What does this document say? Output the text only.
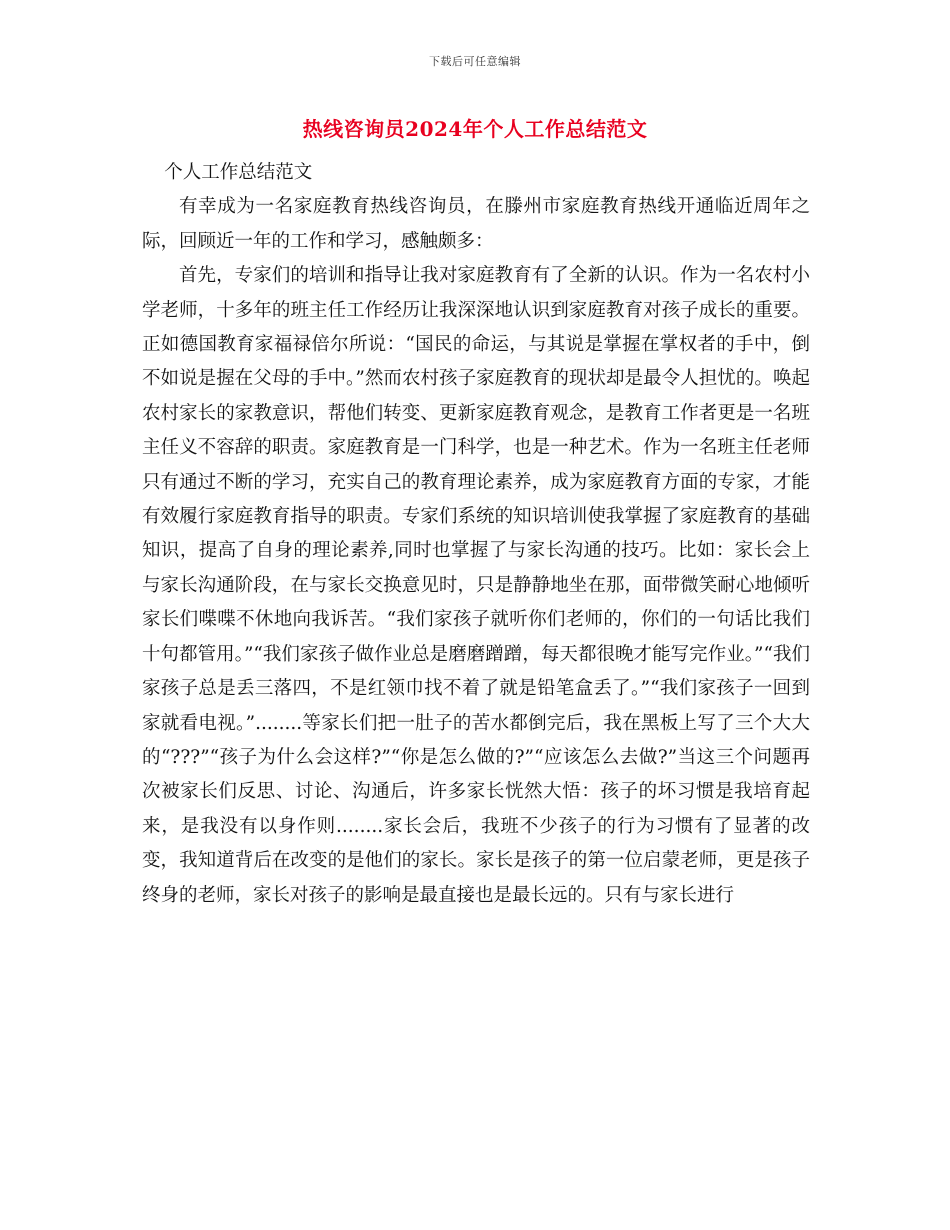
下载后可任意编辑
热线咨询员2024年个人工作总结范文

个人工作总结范文

有幸成为一名家庭教育热线咨询员，在滕州市家庭教育热线开通临近周年之际，回顾近一年的工作和学习，感触颇多：

首先，专家们的培训和指导让我对家庭教育有了全新的认识。作为一名农村小学老师，十多年的班主任工作经历让我深深地认识到家庭教育对孩子成长的重要。正如德国教育家福禄倍尔所说：“国民的命运，与其说是掌握在掌权者的手中，倒不如说是握在父母的手中。”然而农村孩子家庭教育的现状却是最令人担忧的。唤起农村家长的家教意识，帮他们转变、更新家庭教育观念，是教育工作者更是一名班主任义不容辞的职责。家庭教育是一门科学，也是一种艺术。作为一名班主任老师只有通过不断的学习，充实自己的教育理论素养，成为家庭教育方面的专家，才能有效履行家庭教育指导的职责。专家们系统的知识培训使我掌握了家庭教育的基础知识，提高了自身的理论素养,同时也掌握了与家长沟通的技巧。比如：家长会上与家长沟通阶段，在与家长交换意见时，只是静静地坐在那，面带微笑耐心地倾听家长们喋喋不休地向我诉苦。“我们家孩子就听你们老师的，你们的一句话比我们十句都管用。”“我们家孩子做作业总是磨磨蹭蹭，每天都很晚才能写完作业。”“我们家孩子总是丢三落四，不是红领巾找不着了就是铅笔盒丢了。”“我们家孩子一回到家就看电视。”........等家长们把一肚子的苦水都倒完后，我在黑板上写了三个大大的“???”“孩子为什么会这样?”“你是怎么做的?”“应该怎么去做?”当这三个问题再次被家长们反思、讨论、沟通后，许多家长恍然大悟：孩子的坏习惯是我培育起来，是我没有以身作则........家长会后，我班不少孩子的行为习惯有了显著的改变，我知道背后在改变的是他们的家长。家长是孩子的第一位启蒙老师，更是孩子终身的老师，家长对孩子的影响是最直接也是最长远的。只有与家长进行
